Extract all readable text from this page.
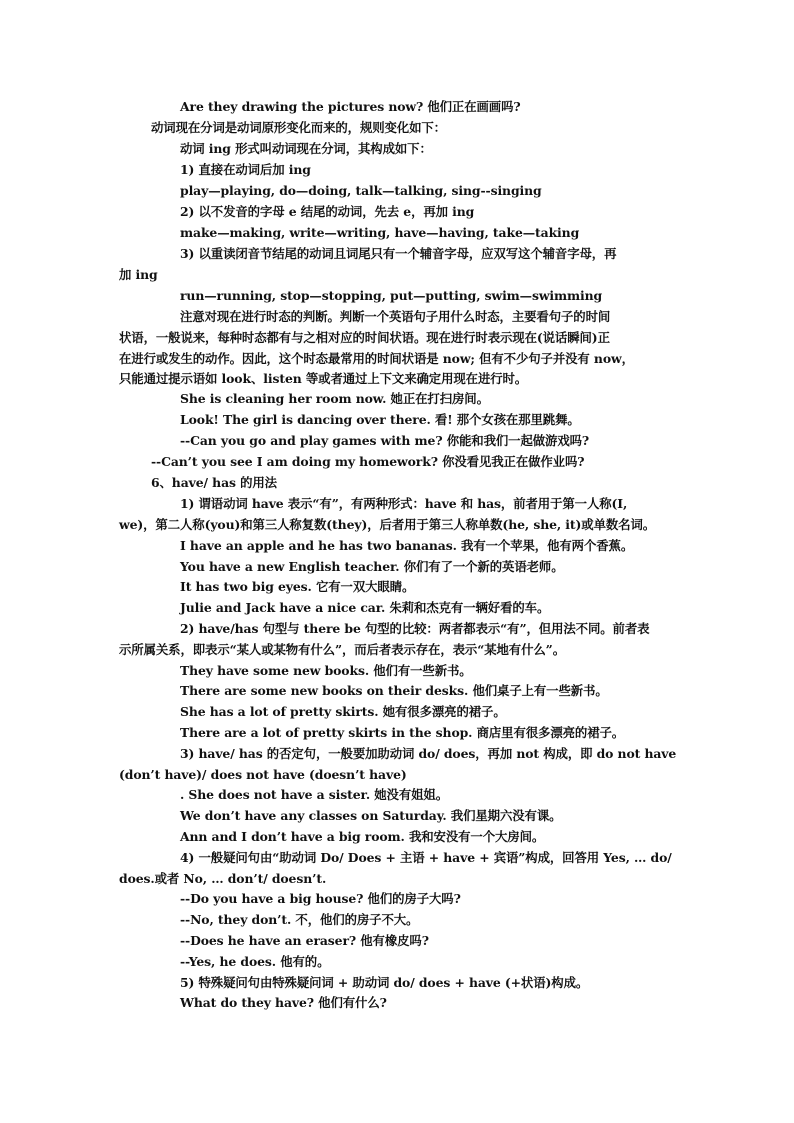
Are they drawing the pictures now? 他们正在画画吗?
动词现在分词是动词原形变化而来的，规则变化如下：
动词 ing 形式叫动词现在分词，其构成如下：
1) 直接在动词后加 ing
play—playing, do—doing, talk—talking, sing--singing
2) 以不发音的字母 e 结尾的动词，先去 e，再加 ing
make—making, write—writing, have—having, take—taking
3) 以重读闭音节结尾的动词且词尾只有一个辅音字母，应双写这个辅音字母，再
加 ing
run—running, stop—stopping, put—putting, swim—swimming
注意对现在进行时态的判断。判断一个英语句子用什么时态，主要看句子的时间
状语，一般说来，每种时态都有与之相对应的时间状语。现在进行时表示现在(说话瞬间)正
在进行或发生的动作。因此，这个时态最常用的时间状语是 now; 但有不少句子并没有 now，
只能通过提示语如 look、listen 等或者通过上下文来确定用现在进行时。
She is cleaning her room now. 她正在打扫房间。
Look! The girl is dancing over there. 看! 那个女孩在那里跳舞。
--Can you go and play games with me? 你能和我们一起做游戏吗?
--Can’t you see I am doing my homework? 你没看见我正在做作业吗?
6、have/ has 的用法
1) 谓语动词 have 表示“有”，有两种形式：have 和 has，前者用于第一人称(I,
we)，第二人称(you)和第三人称复数(they)，后者用于第三人称单数(he, she, it)或单数名词。
I have an apple and he has two bananas. 我有一个苹果，他有两个香蕉。
You have a new English teacher. 你们有了一个新的英语老师。
It has two big eyes. 它有一双大眼睛。
Julie and Jack have a nice car. 朱莉和杰克有一辆好看的车。
2) have/has 句型与 there be 句型的比较：两者都表示“有”，但用法不同。前者表
示所属关系，即表示“某人或某物有什么”，而后者表示存在，表示“某地有什么”。
They have some new books. 他们有一些新书。
There are some new books on their desks. 他们桌子上有一些新书。
She has a lot of pretty skirts. 她有很多漂亮的裙子。
There are a lot of pretty skirts in the shop. 商店里有很多漂亮的裙子。
3) have/ has 的否定句，一般要加助动词 do/ does，再加 not 构成，即 do not have
(don’t have)/ does not have (doesn’t have)
. She does not have a sister. 她没有姐姐。
We don’t have any classes on Saturday. 我们星期六没有课。
Ann and I don’t have a big room. 我和安没有一个大房间。
4) 一般疑问句由“助动词 Do/ Does + 主语 + have + 宾语”构成，回答用 Yes, … do/
does.或者 No, … don’t/ doesn’t.
--Do you have a big house? 他们的房子大吗?
--No, they don’t. 不，他们的房子不大。
--Does he have an eraser? 他有橡皮吗?
--Yes, he does. 他有的。
5) 特殊疑问句由特殊疑问词 + 助动词 do/ does + have (+状语)构成。
What do they have? 他们有什么?
